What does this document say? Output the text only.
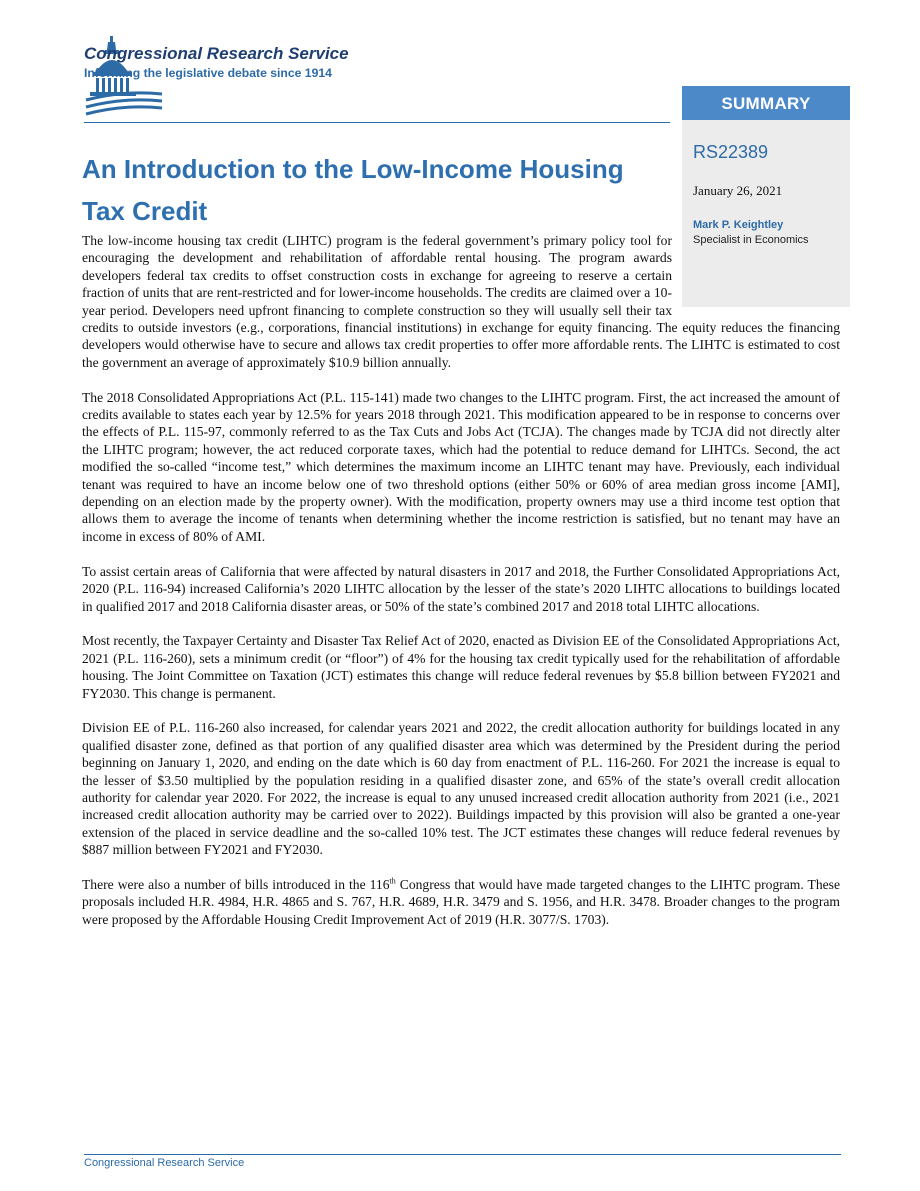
Congressional Research Service
Informing the legislative debate since 1914
SUMMARY
RS22389
January 26, 2021
Mark P. Keightley
Specialist in Economics
An Introduction to the Low-Income Housing Tax Credit

The low-income housing tax credit (LIHTC) program is the federal government’s primary policy tool for encouraging the development and rehabilitation of affordable rental housing. The program awards developers federal tax credits to offset construction costs in exchange for agreeing to reserve a certain fraction of units that are rent-restricted and for lower-income households. The credits are claimed over a 10-year period. Developers need upfront financing to complete construction so they will usually sell their tax credits to outside investors (e.g., corporations, financial institutions) in exchange for equity financing. The equity reduces the financing developers would otherwise have to secure and allows tax credit properties to offer more affordable rents. The LIHTC is estimated to cost the government an average of approximately $10.9 billion annually.

The 2018 Consolidated Appropriations Act (P.L. 115-141) made two changes to the LIHTC program. First, the act increased the amount of credits available to states each year by 12.5% for years 2018 through 2021. This modification appeared to be in response to concerns over the effects of P.L. 115-97, commonly referred to as the Tax Cuts and Jobs Act (TCJA). The changes made by TCJA did not directly alter the LIHTC program; however, the act reduced corporate taxes, which had the potential to reduce demand for LIHTCs. Second, the act modified the so-called “income test,” which determines the maximum income an LIHTC tenant may have. Previously, each individual tenant was required to have an income below one of two threshold options (either 50% or 60% of area median gross income [AMI], depending on an election made by the property owner). With the modification, property owners may use a third income test option that allows them to average the income of tenants when determining whether the income restriction is satisfied, but no tenant may have an income in excess of 80% of AMI.

To assist certain areas of California that were affected by natural disasters in 2017 and 2018, the Further Consolidated Appropriations Act, 2020 (P.L. 116-94) increased California’s 2020 LIHTC allocation by the lesser of the state’s 2020 LIHTC allocations to buildings located in qualified 2017 and 2018 California disaster areas, or 50% of the state’s combined 2017 and 2018 total LIHTC allocations.

Most recently, the Taxpayer Certainty and Disaster Tax Relief Act of 2020, enacted as Division EE of the Consolidated Appropriations Act, 2021 (P.L. 116-260), sets a minimum credit (or “floor”) of 4% for the housing tax credit typically used for the rehabilitation of affordable housing. The Joint Committee on Taxation (JCT) estimates this change will reduce federal revenues by $5.8 billion between FY2021 and FY2030. This change is permanent.

Division EE of P.L. 116-260 also increased, for calendar years 2021 and 2022, the credit allocation authority for buildings located in any qualified disaster zone, defined as that portion of any qualified disaster area which was determined by the President during the period beginning on January 1, 2020, and ending on the date which is 60 day from enactment of P.L. 116-260. For 2021 the increase is equal to the lesser of $3.50 multiplied by the population residing in a qualified disaster zone, and 65% of the state’s overall credit allocation authority for calendar year 2020. For 2022, the increase is equal to any unused increased credit allocation authority from 2021 (i.e., 2021 increased credit allocation authority may be carried over to 2022). Buildings impacted by this provision will also be granted a one-year extension of the placed in service deadline and the so-called 10% test. The JCT estimates these changes will reduce federal revenues by $887 million between FY2021 and FY2030.

There were also a number of bills introduced in the 116th Congress that would have made targeted changes to the LIHTC program. These proposals included H.R. 4984, H.R. 4865 and S. 767, H.R. 4689, H.R. 3479 and S. 1956, and H.R. 3478. Broader changes to the program were proposed by the Affordable Housing Credit Improvement Act of 2019 (H.R. 3077/S. 1703).

Congressional Research Service
